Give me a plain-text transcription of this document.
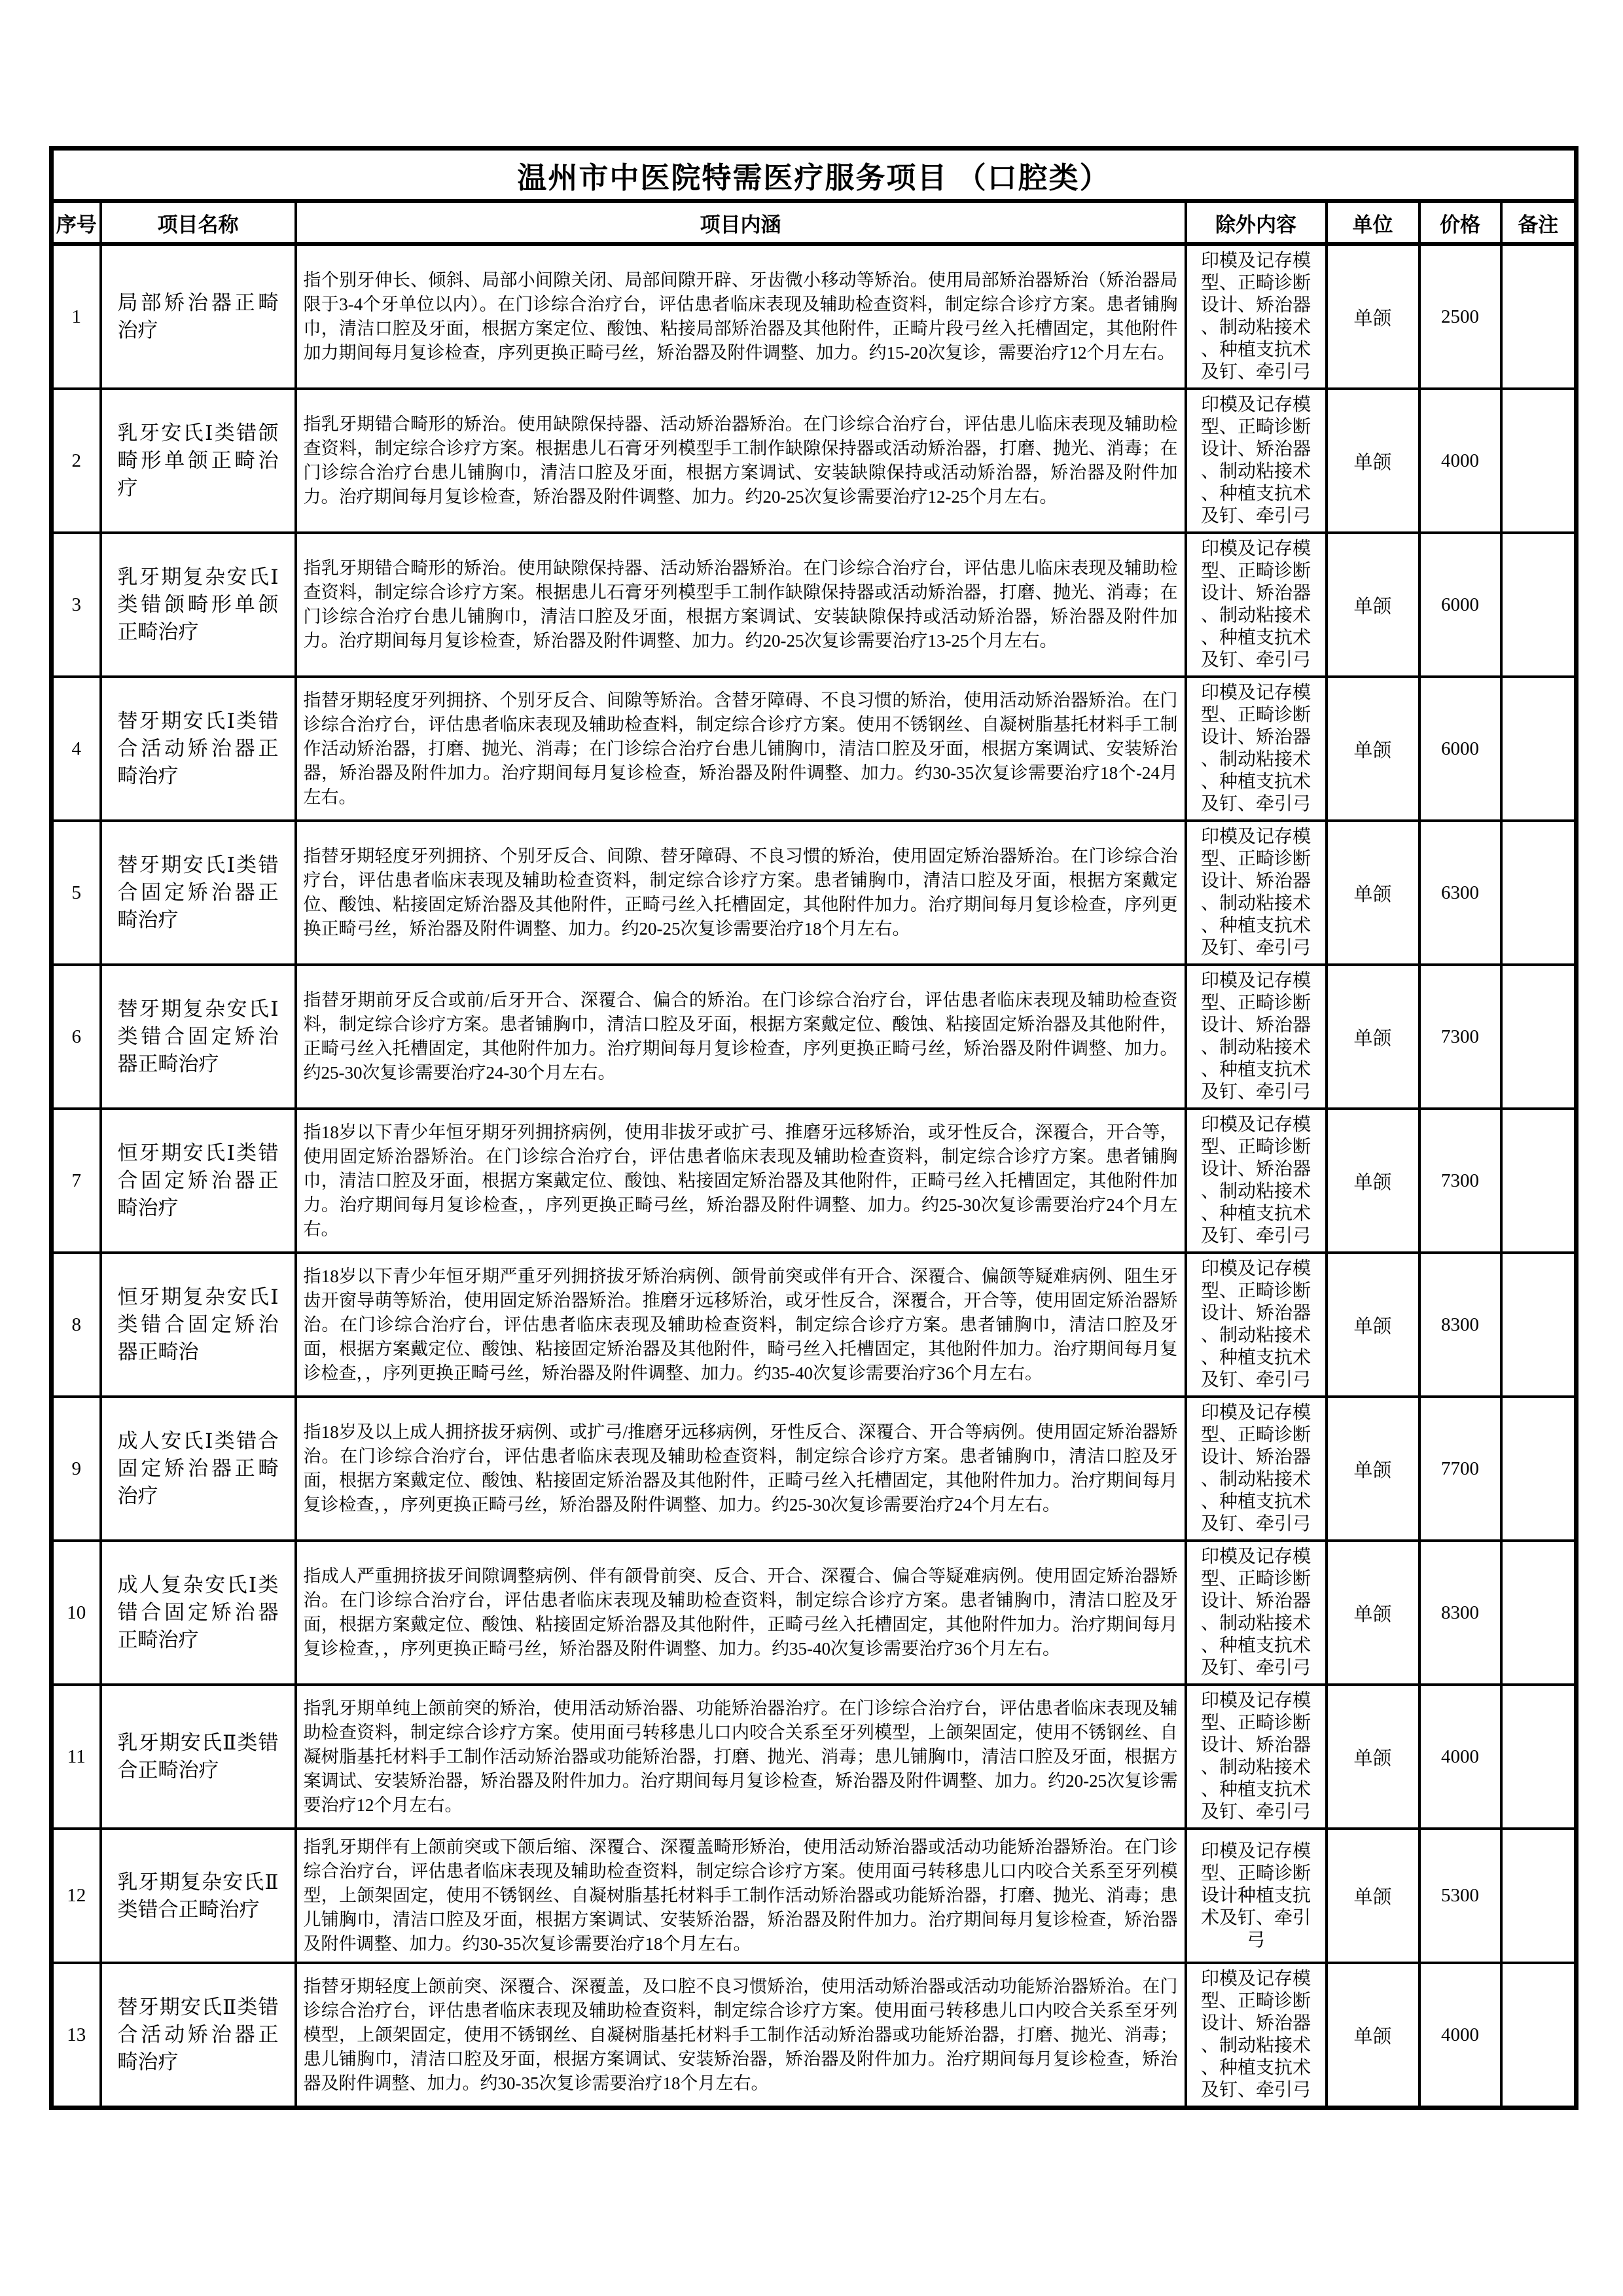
温州市中医院特需医疗服务项目 （口腔类）						
序号	项目名称	项目内涵	除外内容	单位	价格	备注
1	局部矫治器正畸治疗	指个别牙伸长、倾斜、局部小间隙关闭、局部间隙开辟、牙齿微小移动等矫治。使用局部矫治器矫治（矫治器局限于3-4个牙单位以内）。在门诊综合治疗台，评估患者临床表现及辅助检查资料，制定综合诊疗方案。患者铺胸巾，清洁口腔及牙面，根据方案定位、酸蚀、粘接局部矫治器及其他附件，正畸片段弓丝入托槽固定，其他附件加力期间每月复诊检查，序列更换正畸弓丝，矫治器及附件调整、加力。约15-20次复诊，需要治疗12个月左右。	印模及记存模型、正畸诊断设计、矫治器、制动粘接术、种植支抗术及钉、牵引弓	单颌	2500	
2	乳牙安氏Ⅰ类错颌畸形单颌正畸治疗	指乳牙期错合畸形的矫治。使用缺隙保持器、活动矫治器矫治。在门诊综合治疗台，评估患儿临床表现及辅助检查资料，制定综合诊疗方案。根据患儿石膏牙列模型手工制作缺隙保持器或活动矫治器，打磨、抛光、消毒；在门诊综合治疗台患儿铺胸巾，清洁口腔及牙面，根据方案调试、安装缺隙保持或活动矫治器，矫治器及附件加力。治疗期间每月复诊检查，矫治器及附件调整、加力。约20-25次复诊需要治疗12-25个月左右。	印模及记存模型、正畸诊断设计、矫治器、制动粘接术、种植支抗术及钉、牵引弓	单颌	4000	
3	乳牙期复杂安氏Ⅰ类错颌畸形单颌正畸治疗	指乳牙期错合畸形的矫治。使用缺隙保持器、活动矫治器矫治。在门诊综合治疗台，评估患儿临床表现及辅助检查资料，制定综合诊疗方案。根据患儿石膏牙列模型手工制作缺隙保持器或活动矫治器，打磨、抛光、消毒；在门诊综合治疗台患儿铺胸巾，清洁口腔及牙面，根据方案调试、安装缺隙保持或活动矫治器，矫治器及附件加力。治疗期间每月复诊检查，矫治器及附件调整、加力。约20-25次复诊需要治疗13-25个月左右。	印模及记存模型、正畸诊断设计、矫治器、制动粘接术、种植支抗术及钉、牵引弓	单颌	6000	
4	替牙期安氏Ⅰ类错合活动矫治器正畸治疗	指替牙期轻度牙列拥挤、个别牙反合、间隙等矫治。含替牙障碍、不良习惯的矫治，使用活动矫治器矫治。在门诊综合治疗台，评估患者临床表现及辅助检查料，制定综合诊疗方案。使用不锈钢丝、自凝树脂基托材料手工制作活动矫治器，打磨、抛光、消毒；在门诊综合治疗台患儿铺胸巾，清洁口腔及牙面，根据方案调试、安装矫治器，矫治器及附件加力。治疗期间每月复诊检查，矫治器及附件调整、加力。约30-35次复诊需要治疗18个-24月左右。	印模及记存模型、正畸诊断设计、矫治器、制动粘接术、种植支抗术及钉、牵引弓	单颌	6000	
5	替牙期安氏Ⅰ类错合固定矫治器正畸治疗	指替牙期轻度牙列拥挤、个别牙反合、间隙、替牙障碍、不良习惯的矫治，使用固定矫治器矫治。在门诊综合治疗台，评估患者临床表现及辅助检查资料，制定综合诊疗方案。患者铺胸巾，清洁口腔及牙面，根据方案戴定位、酸蚀、粘接固定矫治器及其他附件，正畸弓丝入托槽固定，其他附件加力。治疗期间每月复诊检查，序列更换正畸弓丝，矫治器及附件调整、加力。约20-25次复诊需要治疗18个月左右。	印模及记存模型、正畸诊断设计、矫治器、制动粘接术、种植支抗术及钉、牵引弓	单颌	6300	
6	替牙期复杂安氏Ⅰ类错合固定矫治器正畸治疗	指替牙期前牙反合或前/后牙开合、深覆合、偏合的矫治。在门诊综合治疗台，评估患者临床表现及辅助检查资料，制定综合诊疗方案。患者铺胸巾，清洁口腔及牙面，根据方案戴定位、酸蚀、粘接固定矫治器及其他附件，正畸弓丝入托槽固定，其他附件加力。治疗期间每月复诊检查，序列更换正畸弓丝，矫治器及附件调整、加力。约25-30次复诊需要治疗24-30个月左右。	印模及记存模型、正畸诊断设计、矫治器、制动粘接术、种植支抗术及钉、牵引弓	单颌	7300	
7	恒牙期安氏Ⅰ类错合固定矫治器正畸治疗	指18岁以下青少年恒牙期牙列拥挤病例，使用非拔牙或扩弓、推磨牙远移矫治，或牙性反合，深覆合，开合等，使用固定矫治器矫治。在门诊综合治疗台，评估患者临床表现及辅助检查资料，制定综合诊疗方案。患者铺胸巾，清洁口腔及牙面，根据方案戴定位、酸蚀、粘接固定矫治器及其他附件，正畸弓丝入托槽固定，其他附件加力。治疗期间每月复诊检查，，序列更换正畸弓丝，矫治器及附件调整、加力。约25-30次复诊需要治疗24个月左右。	印模及记存模型、正畸诊断设计、矫治器、制动粘接术、种植支抗术及钉、牵引弓	单颌	7300	
8	恒牙期复杂安氏Ⅰ类错合固定矫治器正畸治	指18岁以下青少年恒牙期严重牙列拥挤拔牙矫治病例、颌骨前突或伴有开合、深覆合、偏颌等疑难病例、阻生牙齿开窗导萌等矫治，使用固定矫治器矫治。推磨牙远移矫治，或牙性反合，深覆合，开合等，使用固定矫治器矫治。在门诊综合治疗台，评估患者临床表现及辅助检查资料，制定综合诊疗方案。患者铺胸巾，清洁口腔及牙面，根据方案戴定位、酸蚀、粘接固定矫治器及其他附件，畸弓丝入托槽固定，其他附件加力。治疗期间每月复诊检查，，序列更换正畸弓丝，矫治器及附件调整、加力。约35-40次复诊需要治疗36个月左右。	印模及记存模型、正畸诊断设计、矫治器、制动粘接术、种植支抗术及钉、牵引弓	单颌	8300	
9	成人安氏Ⅰ类错合固定矫治器正畸治疗	指18岁及以上成人拥挤拔牙病例、或扩弓/推磨牙远移病例，牙性反合、深覆合、开合等病例。使用固定矫治器矫治。在门诊综合治疗台，评估患者临床表现及辅助检查资料，制定综合诊疗方案。患者铺胸巾，清洁口腔及牙面，根据方案戴定位、酸蚀、粘接固定矫治器及其他附件，正畸弓丝入托槽固定，其他附件加力。治疗期间每月复诊检查，，序列更换正畸弓丝，矫治器及附件调整、加力。约25-30次复诊需要治疗24个月左右。	印模及记存模型、正畸诊断设计、矫治器、制动粘接术、种植支抗术及钉、牵引弓	单颌	7700	
10	成人复杂安氏Ⅰ类错合固定矫治器正畸治疗	指成人严重拥挤拔牙间隙调整病例、伴有颌骨前突、反合、开合、深覆合、偏合等疑难病例。使用固定矫治器矫治。在门诊综合治疗台，评估患者临床表现及辅助检查资料，制定综合诊疗方案。患者铺胸巾，清洁口腔及牙面，根据方案戴定位、酸蚀、粘接固定矫治器及其他附件，正畸弓丝入托槽固定，其他附件加力。治疗期间每月复诊检查，，序列更换正畸弓丝，矫治器及附件调整、加力。约35-40次复诊需要治疗36个月左右。	印模及记存模型、正畸诊断设计、矫治器、制动粘接术、种植支抗术及钉、牵引弓	单颌	8300	
11	乳牙期安氏Ⅱ类错合正畸治疗	指乳牙期单纯上颌前突的矫治，使用活动矫治器、功能矫治器治疗。在门诊综合治疗台，评估患者临床表现及辅助检查资料，制定综合诊疗方案。使用面弓转移患儿口内咬合关系至牙列模型，上颌架固定，使用不锈钢丝、自凝树脂基托材料手工制作活动矫治器或功能矫治器，打磨、抛光、消毒；患儿铺胸巾，清洁口腔及牙面，根据方案调试、安装矫治器，矫治器及附件加力。治疗期间每月复诊检查，矫治器及附件调整、加力。约20-25次复诊需要治疗12个月左右。	印模及记存模型、正畸诊断设计、矫治器、制动粘接术、种植支抗术及钉、牵引弓	单颌	4000	
12	乳牙期复杂安氏Ⅱ类错合正畸治疗	指乳牙期伴有上颌前突或下颌后缩、深覆合、深覆盖畸形矫治，使用活动矫治器或活动功能矫治器矫治。在门诊综合治疗台，评估患者临床表现及辅助检查资料，制定综合诊疗方案。使用面弓转移患儿口内咬合关系至牙列模型，上颌架固定，使用不锈钢丝、自凝树脂基托材料手工制作活动矫治器或功能矫治器，打磨、抛光、消毒；患儿铺胸巾，清洁口腔及牙面，根据方案调试、安装矫治器，矫治器及附件加力。治疗期间每月复诊检查，矫治器及附件调整、加力。约30-35次复诊需要治疗18个月左右。	印模及记存模型、正畸诊断设计种植支抗术及钉、牵引弓	单颌	5300	
13	替牙期安氏Ⅱ类错合活动矫治器正畸治疗	指替牙期轻度上颌前突、深覆合、深覆盖，及口腔不良习惯矫治，使用活动矫治器或活动功能矫治器矫治。在门诊综合治疗台，评估患者临床表现及辅助检查资料，制定综合诊疗方案。使用面弓转移患儿口内咬合关系至牙列模型，上颌架固定，使用不锈钢丝、自凝树脂基托材料手工制作活动矫治器或功能矫治器，打磨、抛光、消毒；患儿铺胸巾，清洁口腔及牙面，根据方案调试、安装矫治器，矫治器及附件加力。治疗期间每月复诊检查，矫治器及附件调整、加力。约30-35次复诊需要治疗18个月左右。	印模及记存模型、正畸诊断设计、矫治器、制动粘接术、种植支抗术及钉、牵引弓	单颌	4000	
